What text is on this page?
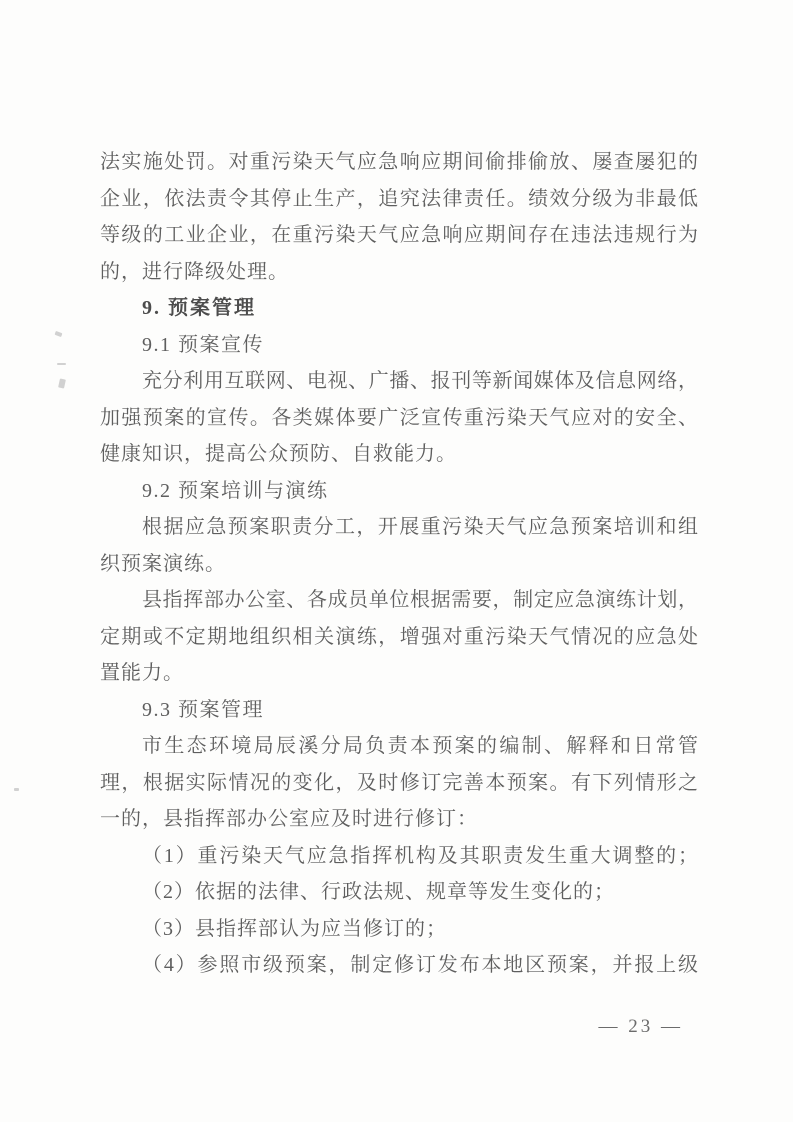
法实施处罚。对重污染天气应急响应期间偷排偷放、屡查屡犯的
企业，依法责令其停止生产，追究法律责任。绩效分级为非最低
等级的工业企业，在重污染天气应急响应期间存在违法违规行为
的，进行降级处理。

9. 预案管理

9.1 预案宣传

充分利用互联网、电视、广播、报刊等新闻媒体及信息网络，
加强预案的宣传。各类媒体要广泛宣传重污染天气应对的安全、
健康知识，提高公众预防、自救能力。

9.2 预案培训与演练

根据应急预案职责分工，开展重污染天气应急预案培训和组
织预案演练。

县指挥部办公室、各成员单位根据需要，制定应急演练计划，
定期或不定期地组织相关演练，增强对重污染天气情况的应急处
置能力。

9.3 预案管理

市生态环境局辰溪分局负责本预案的编制、解释和日常管
理，根据实际情况的变化，及时修订完善本预案。有下列情形之
一的，县指挥部办公室应及时进行修订：

（1）重污染天气应急指挥机构及其职责发生重大调整的；

（2）依据的法律、行政法规、规章等发生变化的；

（3）县指挥部认为应当修订的；

（4）参照市级预案，制定修订发布本地区预案，并报上级

— 23 —
